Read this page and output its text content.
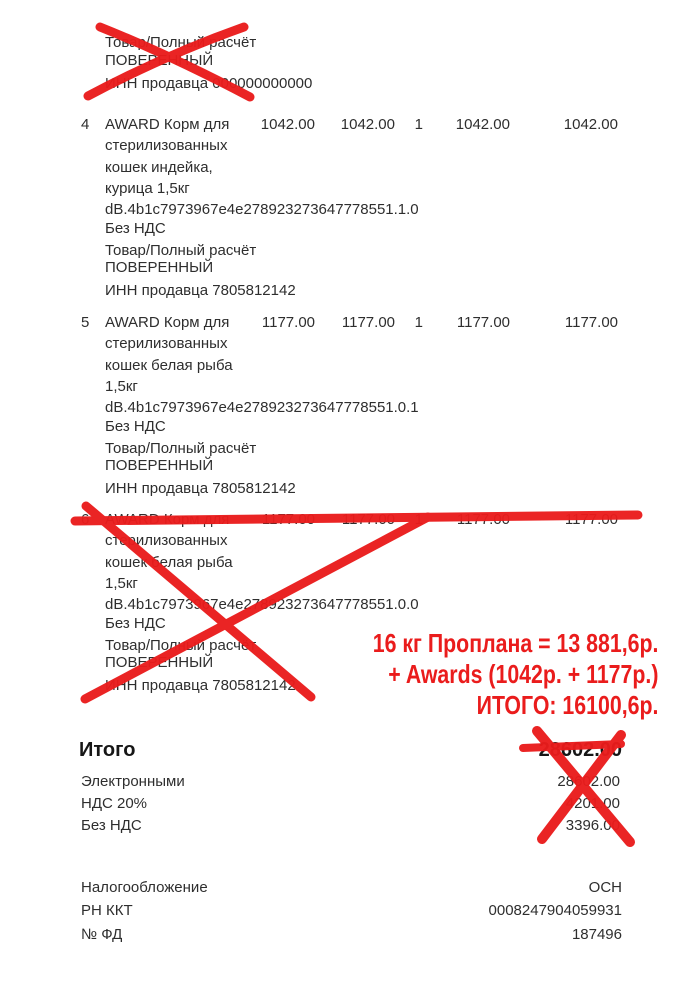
Товар/Полный расчёт
ПОВЕРЕННЫЙ
ИНН продавца 000000000000
4 AWARD Корм для
стерилизованных
кошек индейка,
курица 1,5кг
1042.00 1042.00 1 1042.00	1042.00
dB.4b1c7973967e4e278923273647778551.1.0
Без НДС
Товар/Полный расчёт
ПОВЕРЕННЫЙ
ИНН продавца 7805812142
5 AWARD Корм для
стерилизованных
кошек белая рыба
1,5кг
1177.00 1177.00 1 1177.00	1177.00
dB.4b1c7973967e4e278923273647778551.0.1
Без НДС
Товар/Полный расчёт
ПОВЕРЕННЫЙ
ИНН продавца 7805812142
6 AWARD Корм для
стерилизованных
кошек белая рыба
1,5кг
1177.00 1177.00 1 1177.00	1177.00
dB.4b1c7973967e4e278923273647778551.0.0
Без НДС
Товар/Полный расчёт
ПОВЕРЕННЫЙ
ИНН продавца 7805812142
16 кг Проплана = 13 881,6р.
+ Awards (1042р. + 1177р.)
ИТОГО: 16100,6р.
Итого	28602.00
Электронными	28602.00
НДС 20%	4201.00
Без НДС	3396.00
Налогообложение	ОСН
РН ККТ	0008247904059931
№ ФД	187496
